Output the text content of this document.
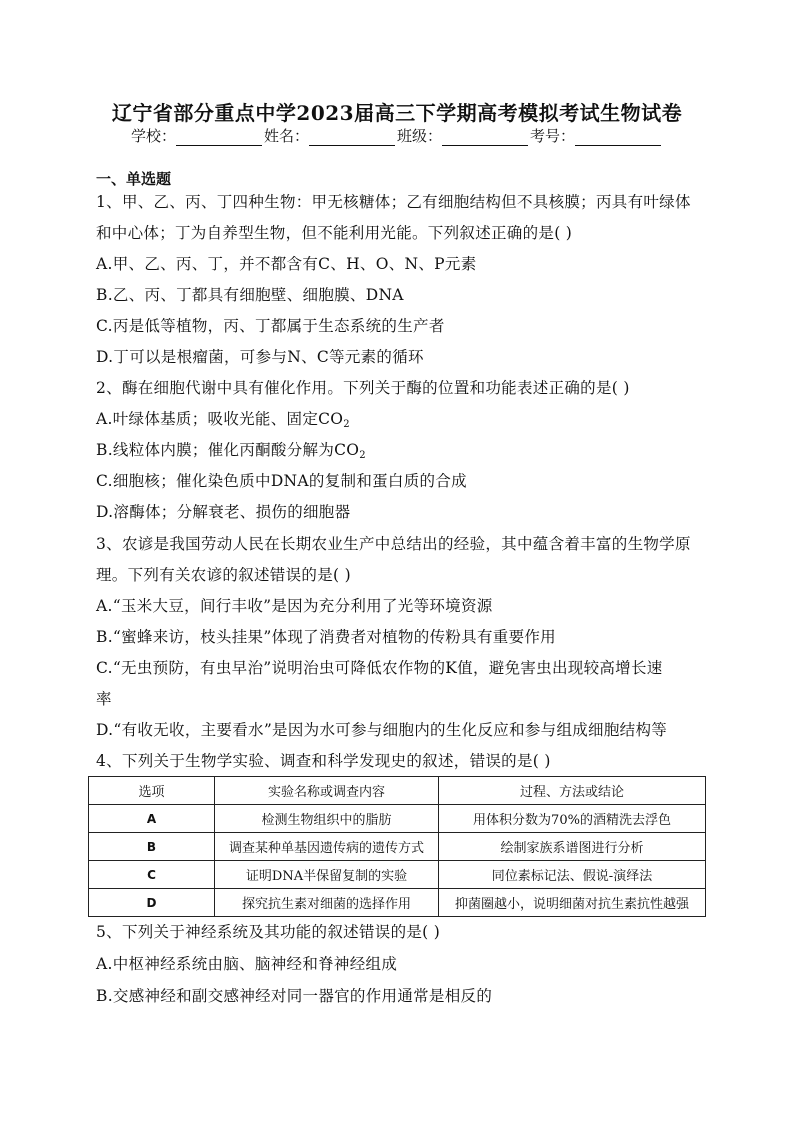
辽宁省部分重点中学2023届高三下学期高考模拟考试生物试卷
学校：	姓名：	班级：	考号：
一、单选题
1、甲、乙、丙、丁四种生物：甲无核糖体；乙有细胞结构但不具核膜；丙具有叶绿体
和中心体；丁为自养型生物，但不能利用光能。下列叙述正确的是( )
A.甲、乙、丙、丁，并不都含有C、H、O、N、P元素
B.乙、丙、丁都具有细胞壁、细胞膜、DNA
C.丙是低等植物，丙、丁都属于生态系统的生产者
D.丁可以是根瘤菌，可参与N、C等元素的循环
2、酶在细胞代谢中具有催化作用。下列关于酶的位置和功能表述正确的是( )
A.叶绿体基质；吸收光能、固定$CO_2$
B.线粒体内膜；催化丙酮酸分解为$CO_2$
C.细胞核；催化染色质中DNA的复制和蛋白质的合成
D.溶酶体；分解衰老、损伤的细胞器
3、农谚是我国劳动人民在长期农业生产中总结出的经验，其中蕴含着丰富的生物学原
理。下列有关农谚的叙述错误的是( )
A.“玉米大豆，间行丰收”是因为充分利用了光等环境资源
B.“蜜蜂来访，枝头挂果”体现了消费者对植物的传粉具有重要作用
C.“无虫预防，有虫早治”说明治虫可降低农作物的K值，避免害虫出现较高增长速
率
D.“有收无收，主要看水”是因为水可参与细胞内的生化反应和参与组成细胞结构等
4、下列关于生物学实验、调查和科学发现史的叙述，错误的是( )
选项	实验名称或调查内容	过程、方法或结论
A	检测生物组织中的脂肪	用体积分数为70%的酒精洗去浮色
B	调查某种单基因遗传病的遗传方式	绘制家族系谱图进行分析
C	证明DNA半保留复制的实验	同位素标记法、假说-演绎法
D	探究抗生素对细菌的选择作用	抑菌圈越小，说明细菌对抗生素抗性越强
5、下列关于神经系统及其功能的叙述错误的是( )
A.中枢神经系统由脑、脑神经和脊神经组成
B.交感神经和副交感神经对同一器官的作用通常是相反的
